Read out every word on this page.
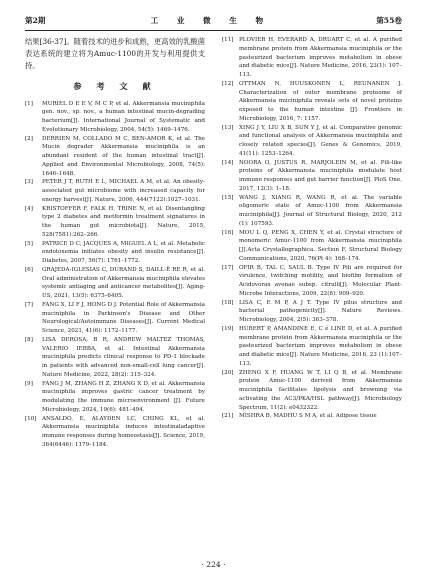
第2期	工 业 微 生 物	第55卷

结果[36-37]。随着技术的进步和成熟，更高效的乳酸菌表达系统的建立将为Amuc-1100的开发与利用提供支持。

参 考 文 献
[1]	MURIEL D E E V, M C P, et al. Akkermansia muciniphila gen. nov., sp. nov., a human intestinal mucin-degrading bacterium[J]. International Journal of Systematic and Evolutionary Microbiology, 2004, 54(5): 1469–1476.
[2]	DERRIEN M, COLLADO M C, BEN-AMOR K, et al. The Mucin degrader Akkermansia muciniphila is an abundant resident of the human intestinal tract[J]. Applied and Environmental Microbiology, 2008, 74(5): 1646–1648.
[3]	PETER J T, RUTH E L, MICHAEL A M, et al. An obesity-associated gut microbiome with increased capacity for energy harvest[J]. Nature, 2006, 444(7122):1027–1031.
[4]	KRISTOFFER F, FALK H, TRINE N, et al. Disentangling type 2 diabetes and metformin treatment signatures in the human gut microbiota[J]. Nature, 2015, 528(7581):262–266.
[5]	PATRICE D C, JACQUES A, MIGUEL A L, et al. Metabolic endotoxemia initiates obesity and insulin resistance[J]. Diabetes, 2007, 56(7): 1761–1772.
[6]	GRAJEDA-IGLESIAS C, DURAND S, DAILL-Ë RE R, et al. Oral administration of Akkermansia muciniphila elevates systemic antiaging and anticancer metabolites[J]. Aging-US, 2021, 13(5): 6375–6405.
[7]	FANG X, LI F J, HONG D J. Potential Role of Akkermansia muciniphila in Parkinson's Disease and Other Neurological/Autoimmune Diseases[J]. Current Medical Science, 2021, 41(6): 1172–1177.
[8]	LISA DEROSA, B R, ANDREW MALTEZ THOMAS, VALERIO IEBBA, et al. Intestinal Akkermansia muciniphila predicts clinical response to PD-1 blockade in patients with advanced non-small-cell lung cancer[J]. Nature Medicine, 2022, 28(2): 315–324.
[9]	FANG J M, ZHANG H Z, ZHANG X D, et al. Akkermansia muciniphila improves gastric cancer treatment by modulating the immune microenvironment [J]. Future Microbiology, 2024, 19(6): 481–494.
[10] ANSALDO, E, ALAYDEN LC, CHING KL, et al. Akkermansia muciniphila induces intestinaladaptive immune responses during homeostasis[J]. Science, 2019, 364(6446): 1179–1184.
[11] PLOVIER H, EVERARD A, DRUART C, et al. A purified membrane protein from Akkermansia muciniphila or the pasteurized bacterium improves metabolism in obese and diabetic mice[J]. Nature Medicine, 2016, 23(1): 107–113.
[12] OTTMAN N, HUUSKONEN L, REUNANEN J. Characterization of outer membrane proteome of Akkermansia muciniphila reveals sets of novel proteins exposed to the human intestine [J]. Frontiers in Microbiology, 2016, 7: 1157.
[13] XING J Y, LIU X B, SUN Y J, et al. Comparative genomic and functional analysis of Akkermansia muciniphila and closely related species[J]. Genes & Genomics, 2019, 41(11): 1253–1264.
[14] NOORA O, JUSTUS R, MARJOLEIN M, et al. Pili-like proteins of Akkermansia muciniphila modulate host immune responses and gut barrier function[J]. PloS One, 2017, 12(3): 1–18.
[15] WANG J, XIANG R, WANG R, et al. The variable oligomeric state of Amuc-1100 from Akkermansia muciniphila[J]. Journal of Structural Biology, 2020, 212 (1): 107593.
[16] MOU L Q, PENG X, CHEN Y, et al. Crystal structure of monomeric Amuc-1100 from Akkermansia muciniphila [J].Acta Crystallographica. Section F, Structural Biology Communications, 2020, 76(Pt 4): 168–174.
[17] OFIR B, TAL C, SAUL B. Type IV Pili are required for virulence, twitching motility, and biofilm formation of Acidovorax avenae subsp. citrulli[J]. Molecular Plant-Microbe Interactions, 2009, 22(8): 909–920.
[18] LISA C, E M P, A J T. Type IV pilus structure and bacterial pathogenicity[J]. Nature Reviews. Microbiology, 2004, 2(5): 363–378.
[19] HUBERT P, AMANDINE E, C é LINE D, et al. A purified membrane protein from Akkermansia muciniphila or the pasteurized bacterium improves metabolism in obese and diabetic mice[J]. Nature Medicine, 2016, 23 (1):107–113.
[20] ZHENG X F, HUANG W T, LI Q B, et al. Membrane protein Amuc-1100 derived from Akkermansia muciniphila facilitates lipolysis and browning via activating the AC3/PKA/HSL pathway[J]. Microbiology Spectrum, 11(2): e0432322.
[21] MISHRA B, MADHU S M A, et al. Adipose tissue
· 224 ·
